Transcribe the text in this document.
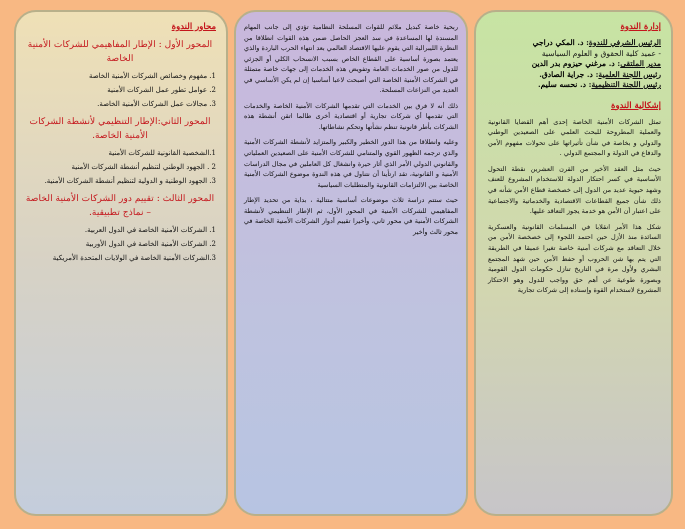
إدارة الندوة

الرئيس الشرفي للندوة: د. المكي دراجي

- عميد كلية الحقوق و العلوم السياسية

مدير الملتقى: د. مرغني حيزوم بدر الدين

رئيس اللجنة العلمية: د. جراية الصادق.

رئيس اللجنة التنظيمية: د. نحسه سليم.

إشكالية الندوة

تمثل الشركات الأمنية الخاصة إحدى أهم القضايا القانونية والعملية المطروحة للبحث العلمي على الصعيدين الوطني والدولي و بخاصة في شأن تأثيراتها على تحولات مفهوم الأمن والدفاع في الدولة و المجتمع الدولي .

حيث مثل العقد الأخير من القرن العشرين نقطة التحول الأساسية في كسر احتكار الدولة للاستخدام المشروع للعنف وشهد حيوية عديد من الدول إلى خصخصة قطاع الأمن شأنه في ذلك شأن جميع القطاعات الاقتصادية والخدماتية والاجتماعية على اعتبار أن الأمن هو خدمة يجوز التعاقد عليها.

شكل هذا الأمر انقلابا في المسلمات القانونية والعسكرية السائدة منذ الأزل حين احتمد اللجوء إلى خصخصة الأمن من خلال التعاقد مع شركات أمنية خاصة تغيرا عميقا في الطريقة التي يتم بها شن الحروب أو حفظ الأمن حين شهد المجتمع البشري ولأول مرة في التاريخ تنازل حكومات الدول القومية وبصورة طوعية عن أهم حق وواجب للدول وهو الاحتكار المشروع لاستخدام القوة وإسناده إلى شركات تجارية

ربحية خاصة كبديل ملائم للقوات المسلحة النظامية تؤدي إلى جانب المهام المسندة لها المساعدة في سد العجز الحاصل ضمن هذه القوات انطلاقا من النظرة الليبرالية التي يقوم عليها الاقتصاد العالمي بعد انتهاء الحرب الباردة والذي يعتمد بصورة أساسية على القطاع الخاص بسبب الانسحاب الكلي أو الجزئي للدول من صور الخدمات العامة وتفويض هذه الخدمات إلى جهات خاصة متمثلة في الشركات الأمنية الخاصة التي أصبحت لاعبا أساسيا إن لم يكن الأساسي في العديد من النزاعات المسلحة.

ذلك أنه لا فرق بين الخدمات التي تقدمها الشركات الأمنية الخاصة والخدمات التي تقدمها أي شركات تجارية أو اقتصادية أخرى طالما اتقن أنشطة هذه الشركات بأطر قانونية تنظم نشأتها وتحكم نشاطاتها.

وعليه وانطلاقا من هذا الدور الخطير والكبير والمتزايد لأنشطة الشركات الأمنية والذي ترجمه الظهور القوي والمتنامي للشركات الأمنية على الصعيدين العملياتي والقانوني الدولي الأمر الذي أثار حيرة وانشغال كل العاملين في مجال الدراسات الأمنية و القانونية، تقد ارتأينا أن نتناول في هذه الندوة موضوع الشركات الأمنية الخاصة بين الالتزامات القانونية والمتطلبات السياسية

حيث ستتم دراسة ثلاث موضوعات أساسية متتالية ، بداية من تحديد الإطار المفاهيمي للشركات الأمنية في المحور الأول، ثم الإطار التنظيمي لأنشطة الشركات الأمنية في محور ثاني، وأخيرا تقييم أدوار الشركات الأمنية الخاصة في محور ثالث وأخير

محاور الندوة
المحور الأول : الإطار المفاهيمي للشركات الأمنية الخاصة
1. مفهوم وخصائص الشركات الأمنية الخاصة
2. عوامل تطور عمل الشركات الأمنية
3. مجالات عمل الشركات الأمنية الخاصة.
المحور الثاني:الإطار التنظيمي لأنشطة الشركات الأمنية الخاصة.
1.الشخصية القانونية للشركات الأمنية
2 . الجهود الوطني لتنظيم أنشطة الشركات الأمنية
3. الجهود الوطنية و الدولية لتنظيم أنشطة الشركات الأمنية.
المحور الثالث : تقييم دور الشركات الأمنية الخاصة – نماذج تطبيقية.
1. الشركات الأمنية الخاصة في الدول العربية.
2. الشركات الأمنية الخاصة في الدول الأوربية
3.الشركات الأمنية الخاصة في الولايات المتحدة الأمريكية
